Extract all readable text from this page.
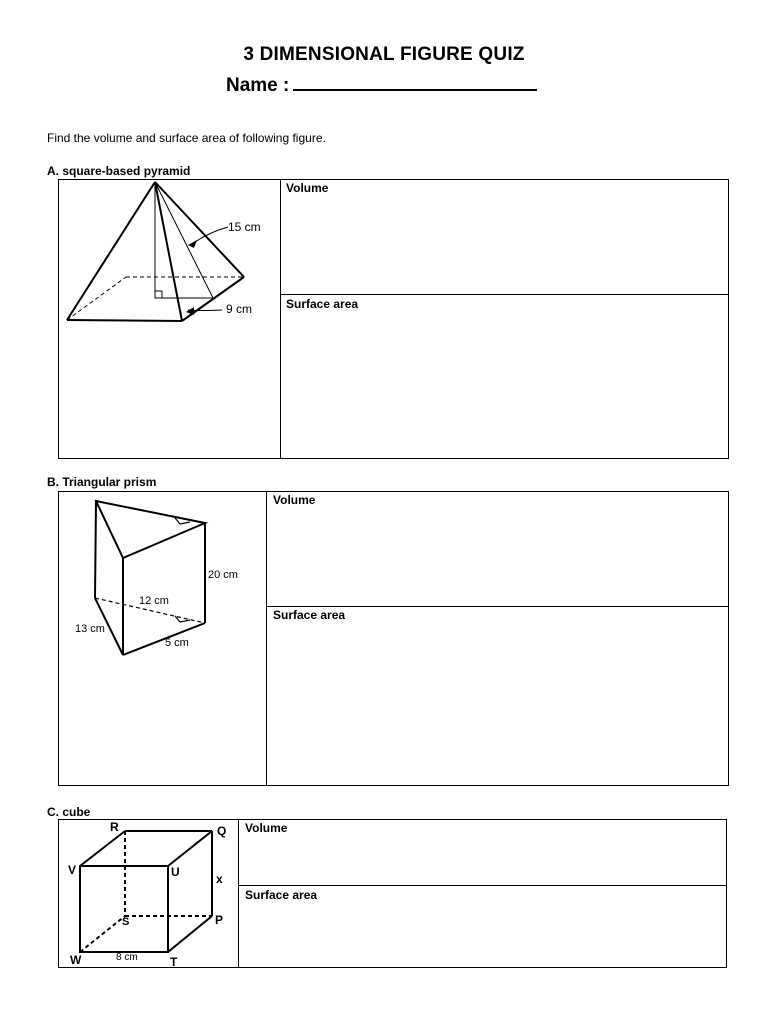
3 DIMENSIONAL FIGURE QUIZ
Name :
Find the volume and surface area of following figure.
A. square-based pyramid
Volume
Surface area
15 cm
9 cm
B. Triangular prism
Volume
Surface area
20 cm
12 cm
13 cm
5 cm
C. cube
Volume
Surface area
R	Q
V	U	x
S	P
W	T
8 cm
